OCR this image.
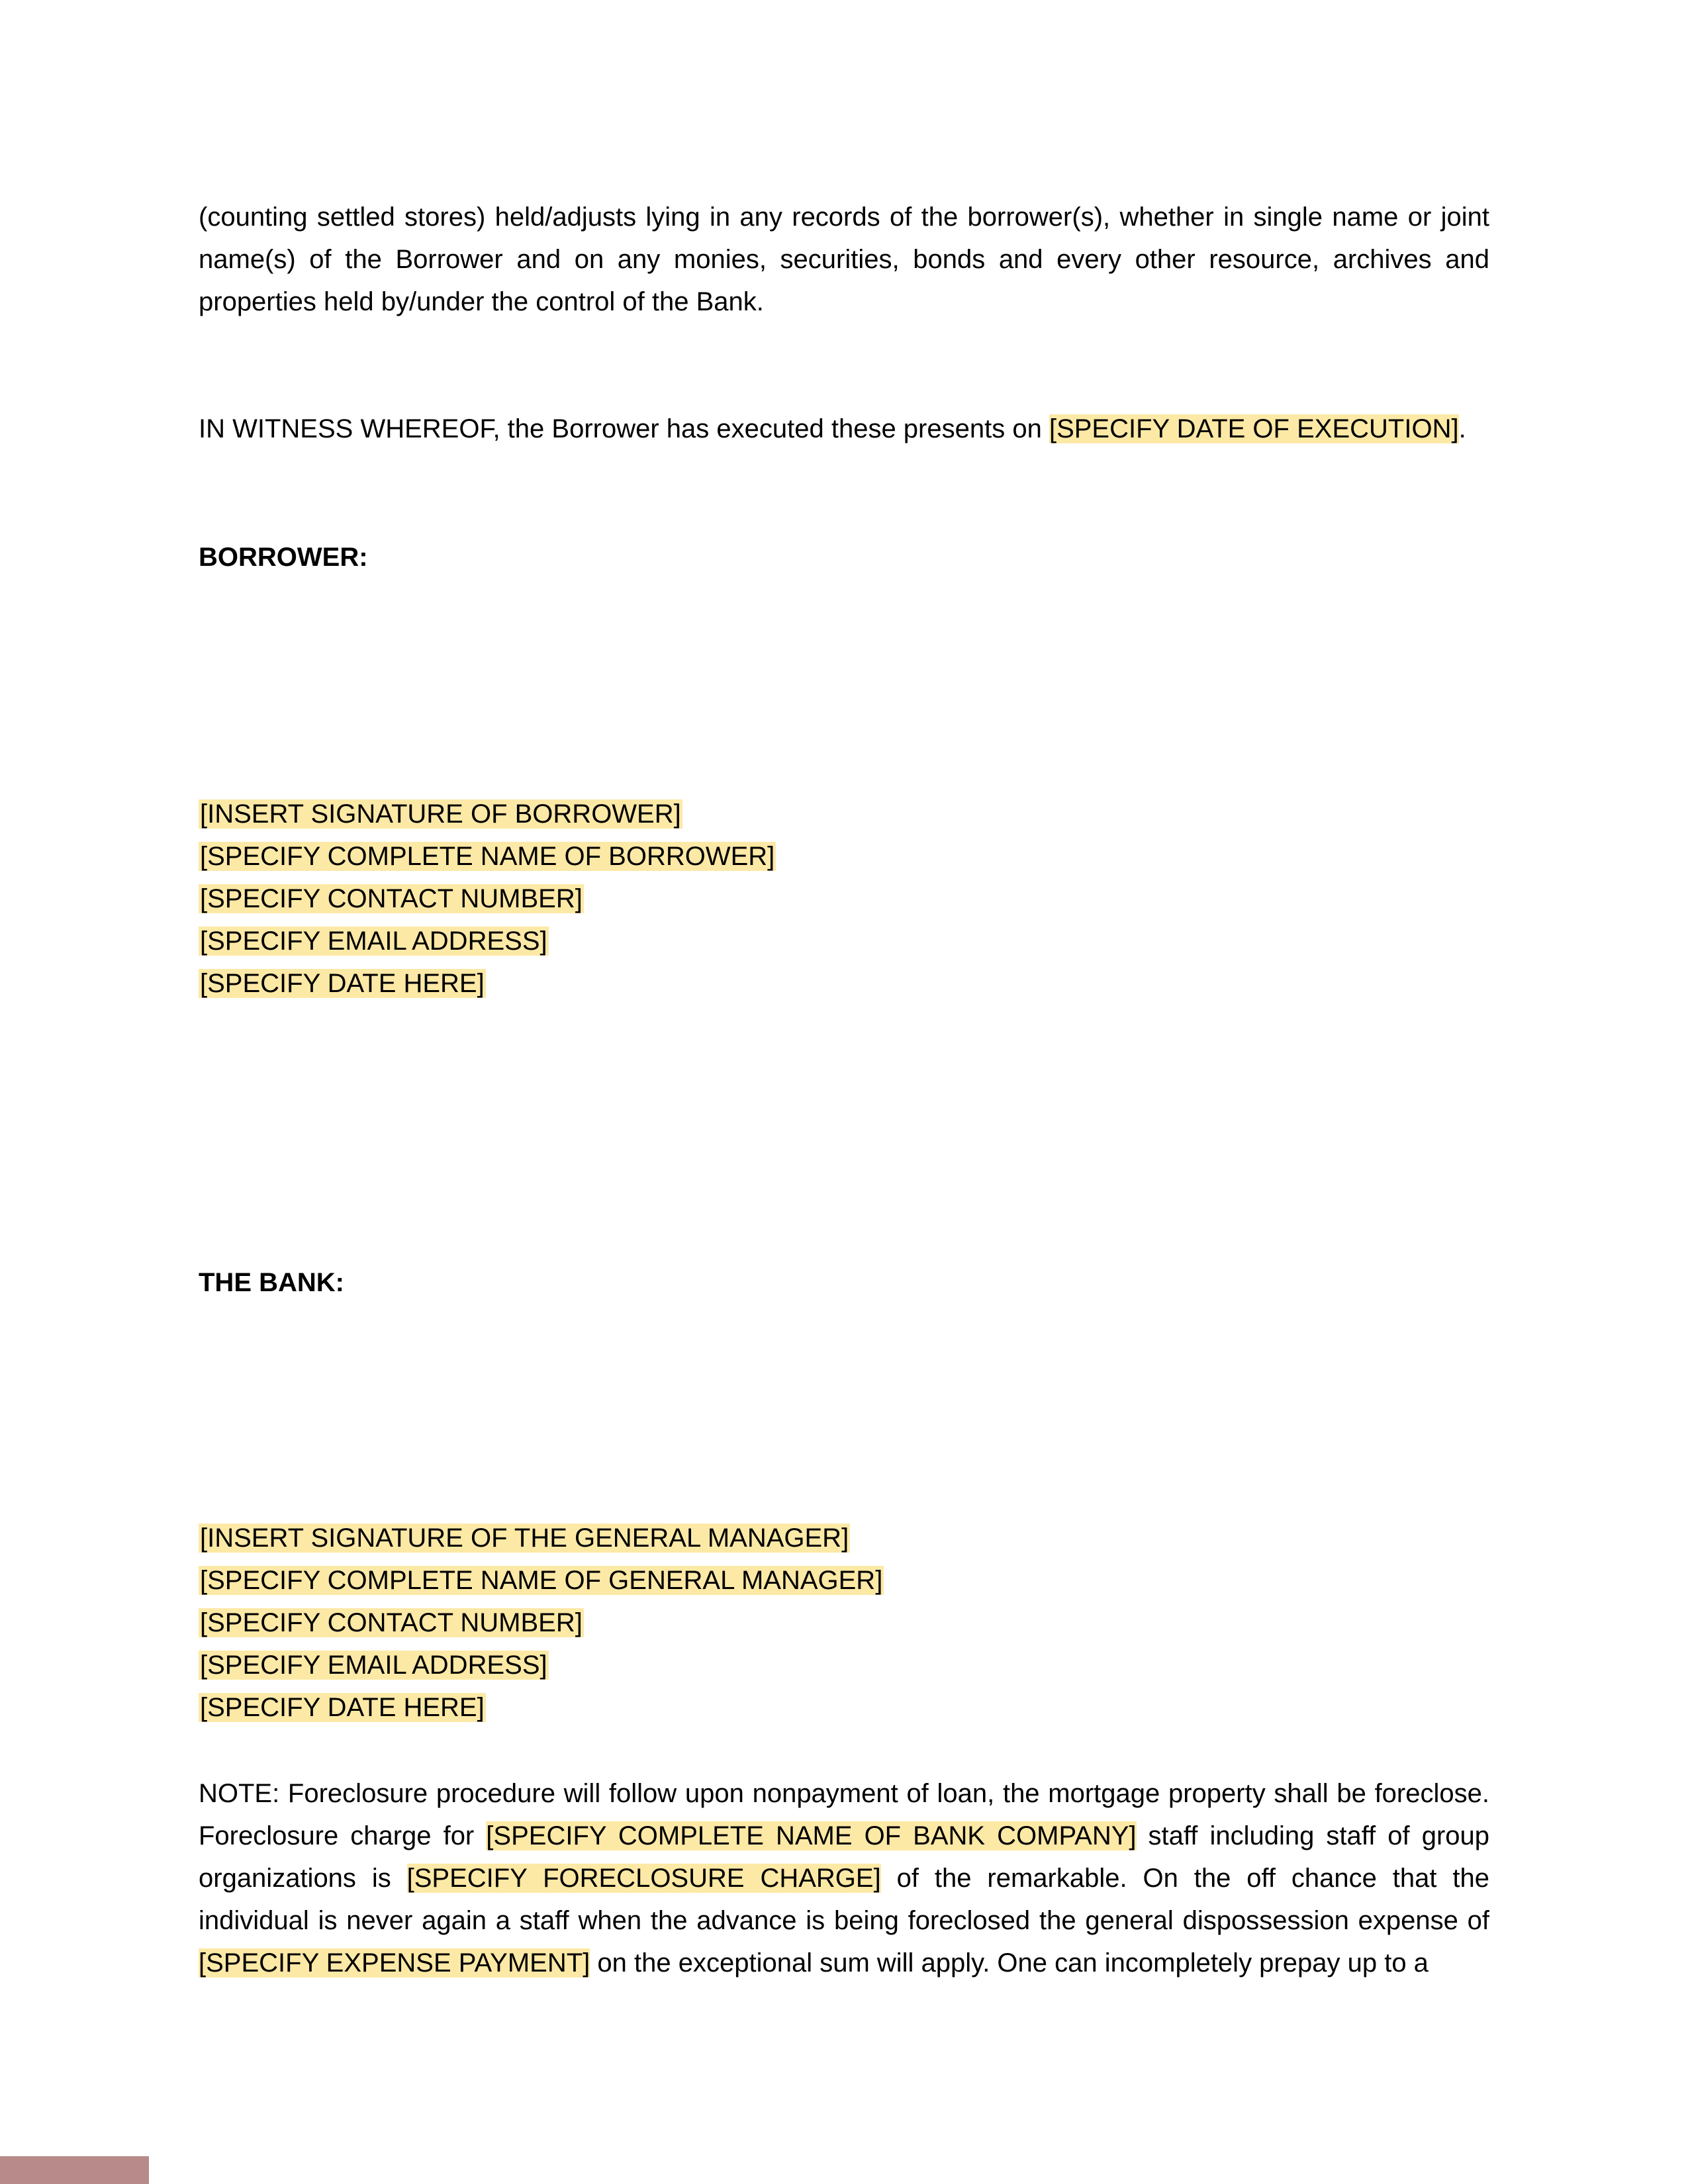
(counting settled stores) held/adjusts lying in any records of the borrower(s), whether in single name or joint name(s) of the Borrower and on any monies, securities, bonds and every other resource, archives and properties held by/under the control of the Bank.
IN WITNESS WHEREOF, the Borrower has executed these presents on [SPECIFY DATE OF EXECUTION].
BORROWER:
[INSERT SIGNATURE OF BORROWER]
[SPECIFY COMPLETE NAME OF BORROWER]
[SPECIFY CONTACT NUMBER]
[SPECIFY EMAIL ADDRESS]
[SPECIFY DATE HERE]
THE BANK:
[INSERT SIGNATURE OF THE GENERAL MANAGER]
[SPECIFY COMPLETE NAME OF GENERAL MANAGER]
[SPECIFY CONTACT NUMBER]
[SPECIFY EMAIL ADDRESS]
[SPECIFY DATE HERE]
NOTE: Foreclosure procedure will follow upon nonpayment of loan, the mortgage property shall be foreclose. Foreclosure charge for [SPECIFY COMPLETE NAME OF BANK COMPANY] staff including staff of group organizations is [SPECIFY FORECLOSURE CHARGE] of the remarkable. On the off chance that the individual is never again a staff when the advance is being foreclosed the general dispossession expense of [SPECIFY EXPENSE PAYMENT] on the exceptional sum will apply. One can incompletely prepay up to a
